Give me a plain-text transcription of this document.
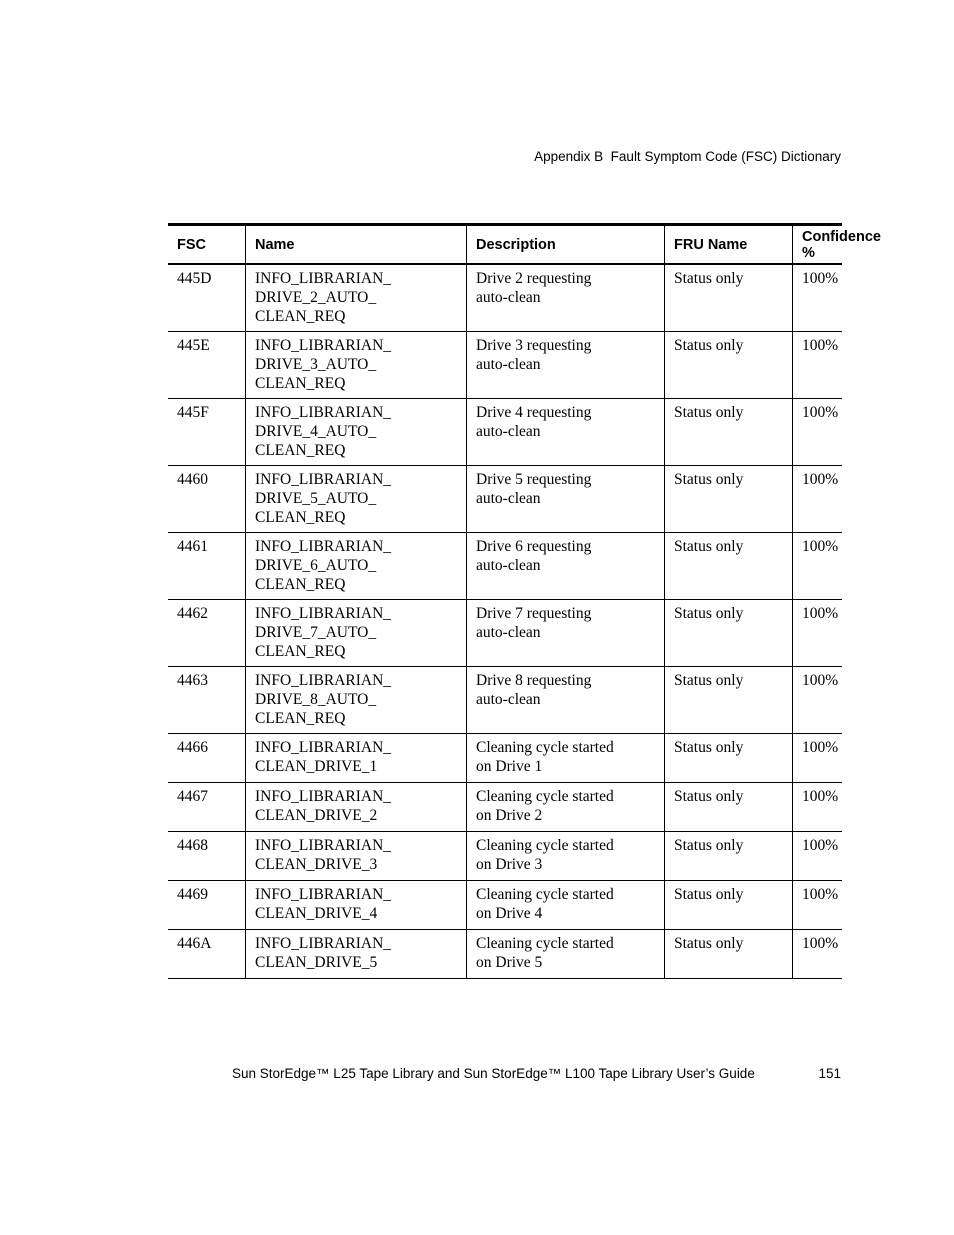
Appendix B  Fault Symptom Code (FSC) Dictionary
FSC	Name	Description	FRU Name	Confidence %
445D	INFO_LIBRARIAN_
DRIVE_2_AUTO_
CLEAN_REQ	Drive 2 requesting
auto-clean	Status only	100%
445E	INFO_LIBRARIAN_
DRIVE_3_AUTO_
CLEAN_REQ	Drive 3 requesting
auto-clean	Status only	100%
445F	INFO_LIBRARIAN_
DRIVE_4_AUTO_
CLEAN_REQ	Drive 4 requesting
auto-clean	Status only	100%
4460	INFO_LIBRARIAN_
DRIVE_5_AUTO_
CLEAN_REQ	Drive 5 requesting
auto-clean	Status only	100%
4461	INFO_LIBRARIAN_
DRIVE_6_AUTO_
CLEAN_REQ	Drive 6 requesting
auto-clean	Status only	100%
4462	INFO_LIBRARIAN_
DRIVE_7_AUTO_
CLEAN_REQ	Drive 7 requesting
auto-clean	Status only	100%
4463	INFO_LIBRARIAN_
DRIVE_8_AUTO_
CLEAN_REQ	Drive 8 requesting
auto-clean	Status only	100%
4466	INFO_LIBRARIAN_
CLEAN_DRIVE_1	Cleaning cycle started
on Drive 1	Status only	100%
4467	INFO_LIBRARIAN_
CLEAN_DRIVE_2	Cleaning cycle started
on Drive 2	Status only	100%
4468	INFO_LIBRARIAN_
CLEAN_DRIVE_3	Cleaning cycle started
on Drive 3	Status only	100%
4469	INFO_LIBRARIAN_
CLEAN_DRIVE_4	Cleaning cycle started
on Drive 4	Status only	100%
446A	INFO_LIBRARIAN_
CLEAN_DRIVE_5	Cleaning cycle started
on Drive 5	Status only	100%
Sun StorEdge™ L25 Tape Library and Sun StorEdge™ L100 Tape Library User’s Guide	151
